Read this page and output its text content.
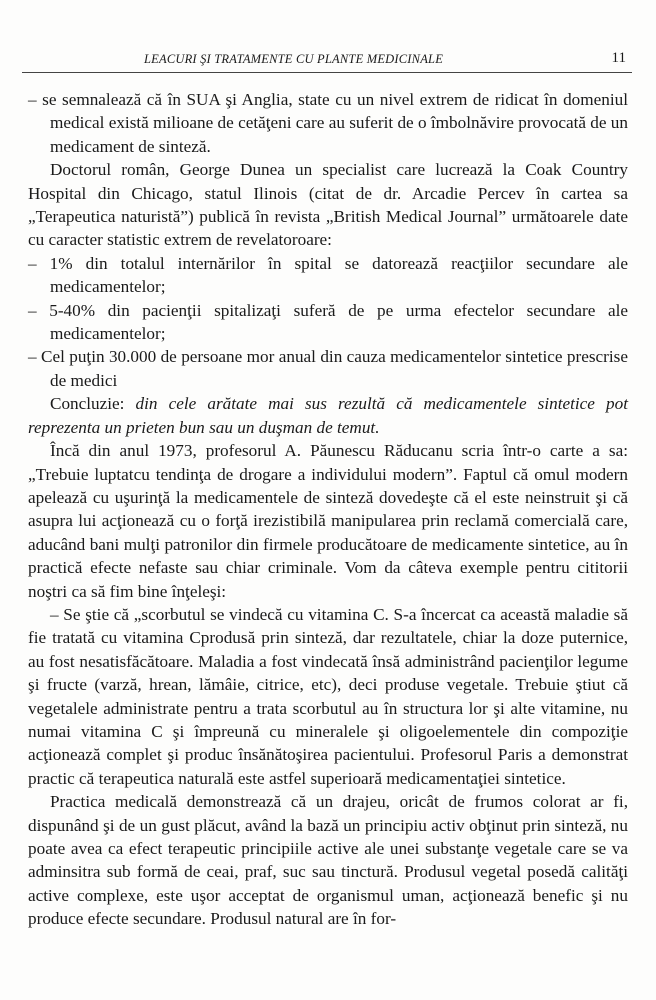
LEACURI ŞI TRATAMENTE CU PLANTE MEDICINALE	11

– se semnalează că în SUA şi Anglia, state cu un nivel extrem de ridicat în domeniul medical există milioane de cetăţeni care au suferit de o îmbolnăvire provocată de un medicament de sinteză.

Doctorul român, George Dunea un specialist care lucrează la Coak Country Hospital din Chicago, statul Ilinois (citat de dr. Arcadie Percev în cartea sa „Terapeutica naturistă”) publică în revista „British Medical Journal” următoarele date cu caracter statistic extrem de revelatoroare:

– 1% din totalul internărilor în spital se datorează reacţiilor secundare ale medicamentelor;

– 5-40% din pacienţii spitalizaţi suferă de pe urma efectelor secundare ale medicamentelor;

– Cel puţin 30.000 de persoane mor anual din cauza medicamentelor sintetice prescrise de medici

Concluzie: din cele arătate mai sus rezultă că medicamentele sintetice pot reprezenta un prieten bun sau un duşman de temut.

Încă din anul 1973, profesorul A. Păunescu Răducanu scria într-o carte a sa: „Trebuie luptatcu tendinţa de drogare a individului modern”. Faptul că omul modern apelează cu uşurinţă la medicamentele de sinteză dovedeşte că el este neinstruit şi că asupra lui acţionează cu o forţă irezistibilă manipularea prin reclamă comercială care, aducând bani mulţi patronilor din firmele producătoare de medicamente sintetice, au în practică efecte nefaste sau chiar criminale. Vom da câteva exemple pentru cititorii noştri ca să fim bine înţeleşi:

– Se ştie că „scorbutul se vindecă cu vitamina C. S-a încercat ca această maladie să fie tratată cu vitamina Cprodusă prin sinteză, dar rezultatele, chiar la doze puternice, au fost nesatisfăcătoare. Maladia a fost vindecată însă administrând pacienţilor legume şi fructe (varză, hrean, lămâie, citrice, etc), deci produse vegetale. Trebuie ştiut că vegetalele administrate pentru a trata scorbutul au în structura lor şi alte vitamine, nu numai vitamina C şi împreună cu mineralele şi oligoelementele din compoziţie acţionează complet şi produc însănătoşirea pacientului. Profesorul Paris a demonstrat practic că terapeutica naturală este astfel superioară medicamentaţiei sintetice.

Practica medicală demonstrează că un drajeu, oricât de frumos colorat ar fi, dispunând şi de un gust plăcut, având la bază un principiu activ obţinut prin sinteză, nu poate avea ca efect terapeutic principiile active ale unei substanţe vegetale care se va adminsitra sub formă de ceai, praf, suc sau tinctură. Produsul vegetal posedă calităţi active complexe, este uşor acceptat de organismul uman, acţionează benefic şi nu produce efecte secundare. Produsul natural are în for-
